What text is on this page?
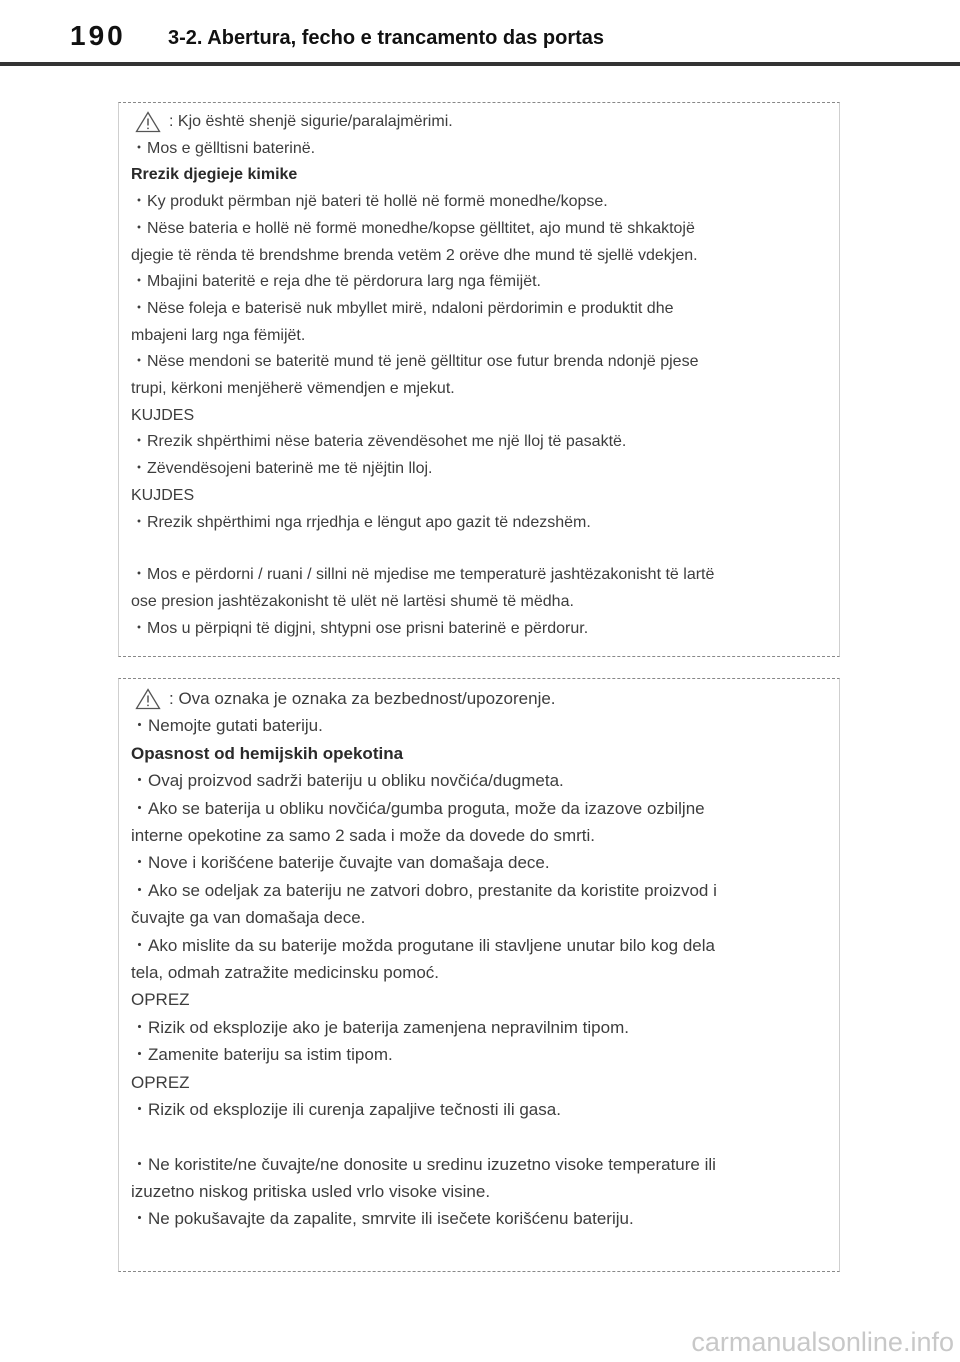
190 3-2. Abertura, fecho e trancamento das portas
: Kjo është shenjë sigurie/paralajmërimi.
・Mos e gëlltisni baterinë.
Rrezik djegieje kimike
・Ky produkt përmban një bateri të hollë në formë monedhe/kopse.
・Nëse bateria e hollë në formë monedhe/kopse gëlltitet, ajo mund të shkaktojë
djegie të rënda të brendshme brenda vetëm 2 orëve dhe mund të sjellë vdekjen.
・Mbajini bateritë e reja dhe të përdorura larg nga fëmijët.
・Nëse foleja e baterisë nuk mbyllet mirë, ndaloni përdorimin e produktit dhe
mbajeni larg nga fëmijët.
・Nëse mendoni se bateritë mund të jenë gëlltitur ose futur brenda ndonjë pjese
trupi, kërkoni menjëherë vëmendjen e mjekut.
KUJDES
・Rrezik shpërthimi nëse bateria zëvendësohet me një lloj të pasaktë.
・Zëvendësojeni baterinë me të njëjtin lloj.
KUJDES
・Rrezik shpërthimi nga rrjedhja e lëngut apo gazit të ndezshëm.
・Mos e përdorni / ruani / sillni në mjedise me temperaturë jashtëzakonisht të lartë
ose presion jashtëzakonisht të ulët në lartësi shumë të mëdha.
・Mos u përpiqni të digjni, shtypni ose prisni baterinë e përdorur.
: Ova oznaka je oznaka za bezbednost/upozorenje.
・Nemojte gutati bateriju.
Opasnost od hemijskih opekotina
・Ovaj proizvod sadrži bateriju u obliku novčića/dugmeta.
・Ako se baterija u obliku novčića/gumba proguta, može da izazove ozbiljne
interne opekotine za samo 2 sada i može da dovede do smrti.
・Nove i korišćene baterije čuvajte van domašaja dece.
・Ako se odeljak za bateriju ne zatvori dobro, prestanite da koristite proizvod i
čuvajte ga van domašaja dece.
・Ako mislite da su baterije možda progutane ili stavljene unutar bilo kog dela
tela, odmah zatražite medicinsku pomoć.
OPREZ
・Rizik od eksplozije ako je baterija zamenjena nepravilnim tipom.
・Zamenite bateriju sa istim tipom.
OPREZ
・Rizik od eksplozije ili curenja zapaljive tečnosti ili gasa.
・Ne koristite/ne čuvajte/ne donosite u sredinu izuzetno visoke temperature ili
izuzetno niskog pritiska usled vrlo visoke visine.
・Ne pokušavajte da zapalite, smrvite ili isečete korišćenu bateriju.
carmanualsonline.info
